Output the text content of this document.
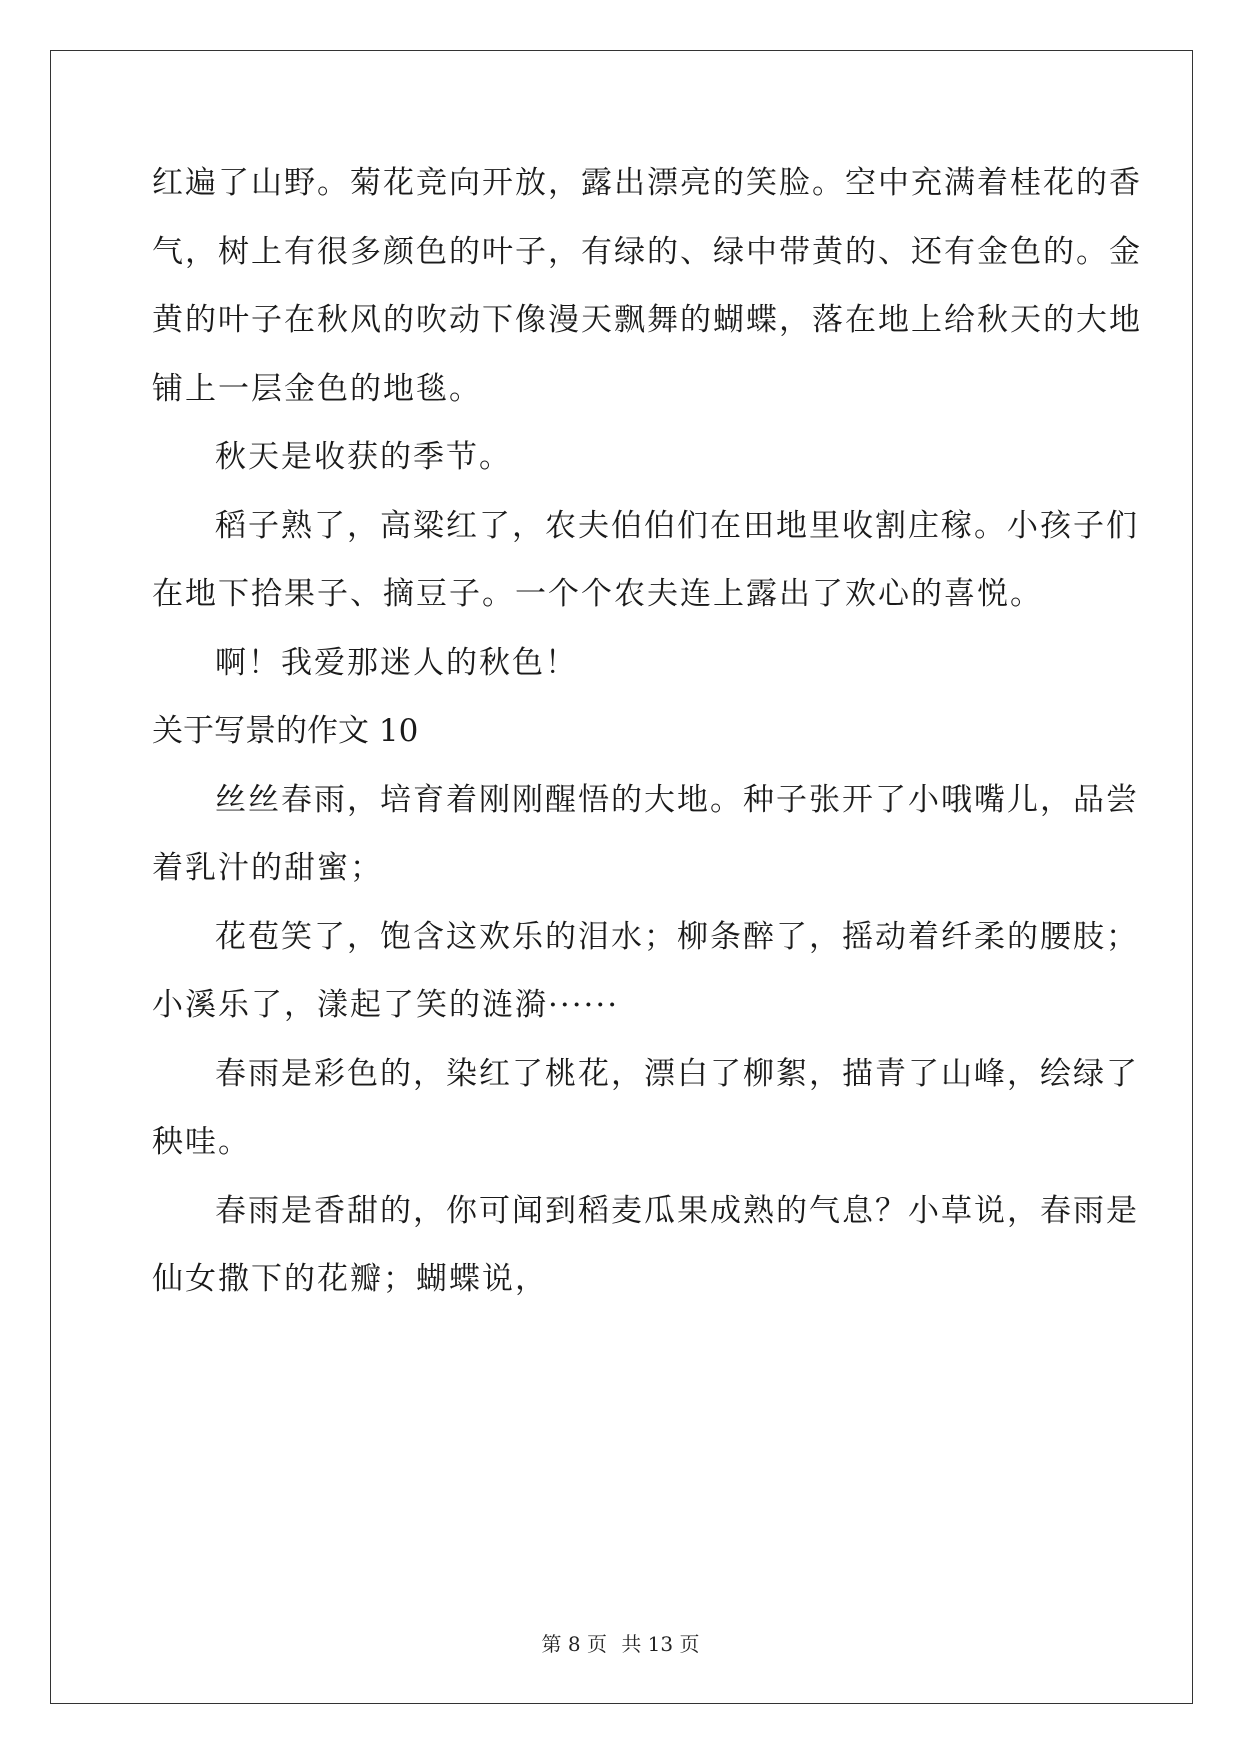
红遍了山野。菊花竞向开放，露出漂亮的笑脸。空中充满着桂花的香
气，树上有很多颜色的叶子，有绿的、绿中带黄的、还有金色的。金
黄的叶子在秋风的吹动下像漫天飘舞的蝴蝶，落在地上给秋天的大地
铺上一层金色的地毯。
秋天是收获的季节。
稻子熟了，高粱红了，农夫伯伯们在田地里收割庄稼。小孩子们
在地下拾果子、摘豆子。一个个农夫连上露出了欢心的喜悦。
啊！我爱那迷人的秋色！
关于写景的作文 10
丝丝春雨，培育着刚刚醒悟的大地。种子张开了小哦嘴儿，品尝
着乳汁的甜蜜；
花苞笑了，饱含这欢乐的泪水；柳条醉了，摇动着纤柔的腰肢；
小溪乐了，漾起了笑的涟漪······
春雨是彩色的，染红了桃花，漂白了柳絮，描青了山峰，绘绿了
秧哇。
春雨是香甜的，你可闻到稻麦瓜果成熟的气息？小草说，春雨是
仙女撒下的花瓣；蝴蝶说，
第 8 页 共 13 页
